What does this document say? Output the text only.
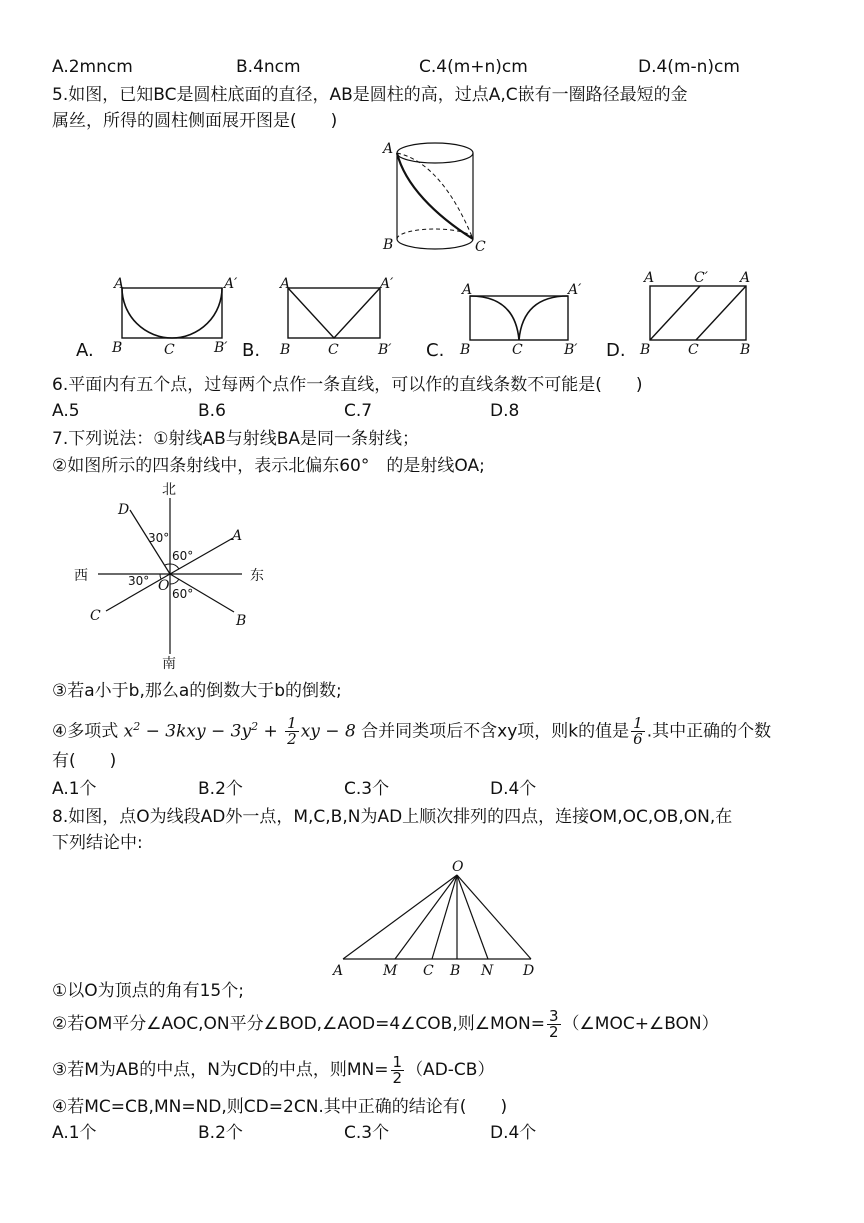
A.2mncm	B.4ncm	C.4(m+n)cm	D.4(m-n)cm
5.如图，已知BC是圆柱底面的直径，AB是圆柱的高，过点A,C嵌有一圈路径最短的金
属丝，所得的圆柱侧面展开图是(　　)
A
B	C
A.
A	A′
B	C	B′ B.
A	A′
B	C	B′ C.
A	A′
B	C	B′ D.
A	C′ A
B	C	B
6.平面内有五个点，过每两个点作一条直线，可以作的直线条数不可能是(　　)
A.5	B.6	C.7	D.8
7.下列说法：①射线AB与射线BA是同一条射线；
②如图所示的四条射线中，表示北偏东60°　的是射线OA;
北
南
东
西
O
A
B
C
D
30°
60°
30°
60°
③若a小于b,那么a的倒数大于b的倒数;
④多项式 $x^2 - 3kxy - 3y^2 + \frac{1}{2}$ xy − 8 合并同类项后不含xy项，则k的值是 $\frac{1}{6}$ .其中正确的个数
有(　　)
A.1个	B.2个	C.3个	D.4个
8.如图，点O为线段AD外一点，M,C,B,N为AD上顺次排列的四点，连接OM,OC,OB,ON,在
下列结论中:
O
A	M C B N D
①以O为顶点的角有15个;
②若OM平分∠AOC,ON平分∠BOD,∠AOD=4∠COB,则∠MON= $\frac{3}{2}$ （∠MOC+∠BON）
③若M为AB的中点，N为CD的中点，则$MN= \frac{1}{2} (AD-CB)$
④若MC=CB,MN=ND,则CD=2CN.其中正确的结论有(　　)
A.1个	B.2个	C.3个	D.4个
